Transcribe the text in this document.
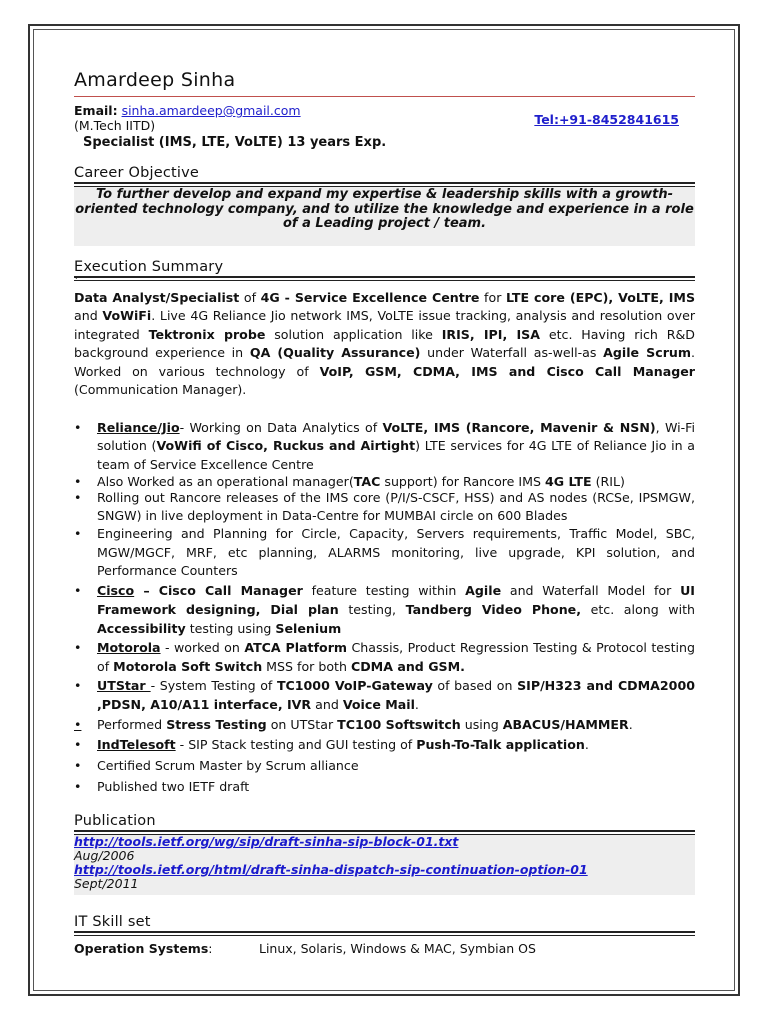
Amardeep Sinha
Email: sinha.amardeep@gmail.com (M.Tech IITD)	Tel:+91-8452841615
Specialist (IMS, LTE, VoLTE) 13 years Exp.
Career Objective
To further develop and expand my expertise & leadership skills with a growth-oriented technology company, and to utilize the knowledge and experience in a role of a Leading project / team.
Execution Summary
`
Data Analyst/Specialist of 4G - Service Excellence Centre for LTE core (EPC), VoLTE, IMS and VoWiFi. Live 4G Reliance Jio network IMS, VoLTE issue tracking, analysis and resolution over integrated Tektronix probe solution application like IRIS, IPI, ISA etc. Having rich R&D background experience in QA (Quality Assurance) under Waterfall as-well-as Agile Scrum. Worked on various technology of VoIP, GSM, CDMA, IMS and Cisco Call Manager (Communication Manager).
• Reliance/Jio- Working on Data Analytics of VoLTE, IMS (Rancore, Mavenir & NSN), Wi-Fi solution (VoWifi of Cisco, Ruckus and Airtight) LTE services for 4G LTE of Reliance Jio in a team of Service Excellence Centre
• Also Worked as an operational manager(TAC support) for Rancore IMS 4G LTE (RIL)
• Rolling out Rancore releases of the IMS core (P/I/S-CSCF, HSS) and AS nodes (RCSe, IPSMGW, SNGW) in live deployment in Data-Centre for MUMBAI circle on 600 Blades
• Engineering and Planning for Circle, Capacity, Servers requirements, Traffic Model, SBC, MGW/MGCF, MRF, etc planning, ALARMS monitoring, live upgrade, KPI solution, and Performance Counters
• Cisco – Cisco Call Manager feature testing within Agile and Waterfall Model for UI Framework designing, Dial plan testing, Tandberg Video Phone, etc. along with Accessibility testing using Selenium
• Motorola - worked on ATCA Platform Chassis, Product Regression Testing & Protocol testing of Motorola Soft Switch MSS for both CDMA and GSM.
• UTStar - System Testing of TC1000 VoIP-Gateway of based on SIP/H323 and CDMA2000 ,PDSN, A10/A11 interface, IVR and Voice Mail.
• Performed Stress Testing on UTStar TC100 Softswitch using ABACUS/HAMMER.
• IndTelesoft - SIP Stack testing and GUI testing of Push-To-Talk application.
• Certified Scrum Master by Scrum alliance
• Published two IETF draft
Publication
http://tools.ietf.org/wg/sip/draft-sinha-sip-block-01.txt
Aug/2006
http://tools.ietf.org/html/draft-sinha-dispatch-sip-continuation-option-01
Sept/2011
IT Skill set
Operation Systems:	Linux, Solaris, Windows & MAC, Symbian OS
